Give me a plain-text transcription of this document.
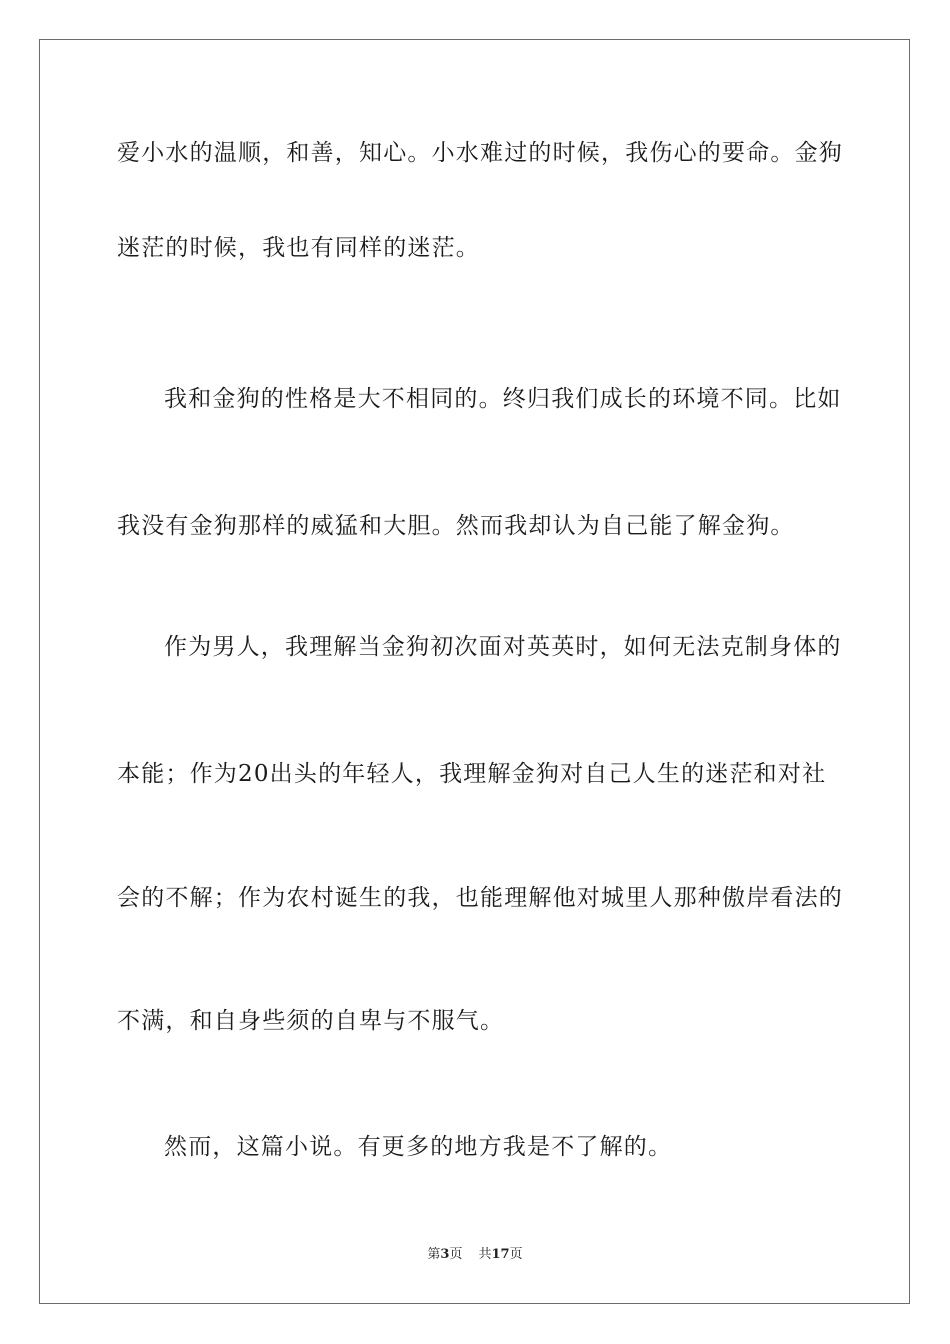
爱小水的温顺，和善，知心。小水难过的时候，我伤心的要命。金狗
迷茫的时候，我也有同样的迷茫。
我和金狗的性格是大不相同的。终归我们成长的环境不同。比如
我没有金狗那样的威猛和大胆。然而我却认为自己能了解金狗。
作为男人，我理解当金狗初次面对英英时，如何无法克制身体的
本能；作为20出头的年轻人，我理解金狗对自己人生的迷茫和对社
会的不解；作为农村诞生的我，也能理解他对城里人那种傲岸看法的
不满，和自身些须的自卑与不服气。
然而，这篇小说。有更多的地方我是不了解的。
第3页 共17页
